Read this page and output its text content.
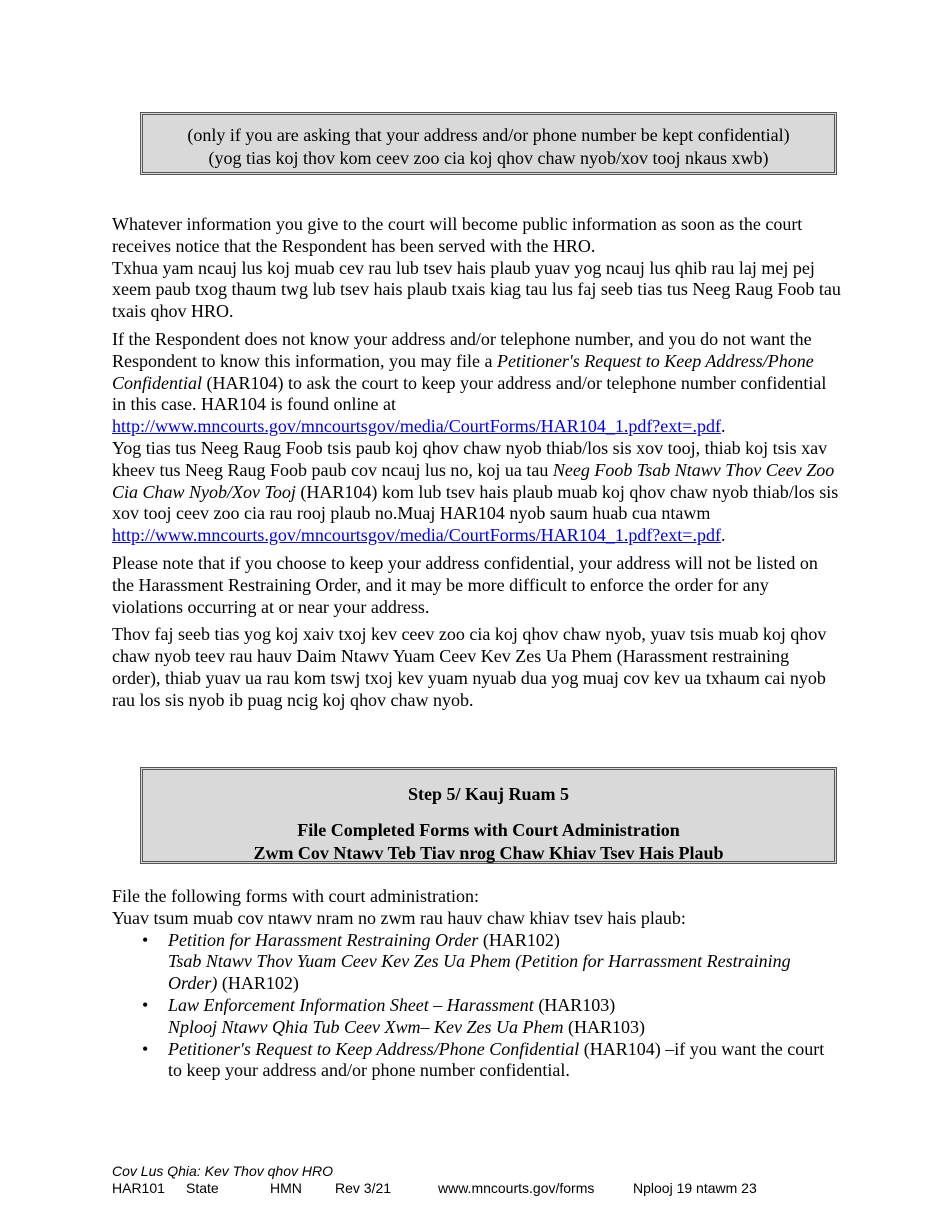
(only if you are asking that your address and/or phone number be kept confidential)
(yog tias koj thov kom ceev zoo cia koj qhov chaw nyob/xov tooj nkaus xwb)

Whatever information you give to the court will become public information as soon as the court receives notice that the Respondent has been served with the HRO.

Txhua yam ncauj lus koj muab cev rau lub tsev hais plaub yuav yog ncauj lus qhib rau laj mej pej xeem paub txog thaum twg lub tsev hais plaub txais kiag tau lus faj seeb tias tus Neeg Raug Foob tau txais qhov HRO.

If the Respondent does not know your address and/or telephone number, and you do not want the Respondent to know this information, you may file a Petitioner's Request to Keep Address/Phone Confidential (HAR104) to ask the court to keep your address and/or telephone number confidential in this case. HAR104 is found online at
http://www.mncourts.gov/mncourtsgov/media/CourtForms/HAR104_1.pdf?ext=.pdf.

Yog tias tus Neeg Raug Foob tsis paub koj qhov chaw nyob thiab/los sis xov tooj, thiab koj tsis xav kheev tus Neeg Raug Foob paub cov ncauj lus no, koj ua tau Neeg Foob Tsab Ntawv Thov Ceev Zoo Cia Chaw Nyob/Xov Tooj (HAR104) kom lub tsev hais plaub muab koj qhov chaw nyob thiab/los sis xov tooj ceev zoo cia rau rooj plaub no.Muaj HAR104 nyob saum huab cua ntawm http://www.mncourts.gov/mncourtsgov/media/CourtForms/HAR104_1.pdf?ext=.pdf.

Please note that if you choose to keep your address confidential, your address will not be listed on the Harassment Restraining Order, and it may be more difficult to enforce the order for any violations occurring at or near your address.

Thov faj seeb tias yog koj xaiv txoj kev ceev zoo cia koj qhov chaw nyob, yuav tsis muab koj qhov chaw nyob teev rau hauv Daim Ntawv Yuam Ceev Kev Zes Ua Phem (Harassment restraining order), thiab yuav ua rau kom tswj txoj kev yuam nyuab dua yog muaj cov kev ua txhaum cai nyob rau los sis nyob ib puag ncig koj qhov chaw nyob.

Step 5/ Kauj Ruam 5
File Completed Forms with Court Administration
Zwm Cov Ntawv Teb Tiav nrog Chaw Khiav Tsev Hais Plaub

File the following forms with court administration:

Yuav tsum muab cov ntawv nram no zwm rau hauv chaw khiav tsev hais plaub:

• Petition for Harassment Restraining Order (HAR102)
Tsab Ntawv Thov Yuam Ceev Kev Zes Ua Phem (Petition for Harrassment Restraining Order) (HAR102)
• Law Enforcement Information Sheet – Harassment (HAR103)
Nplooj Ntawv Qhia Tub Ceev Xwm– Kev Zes Ua Phem (HAR103)
• Petitioner's Request to Keep Address/Phone Confidential (HAR104) –if you want the court to keep your address and/or phone number confidential.
Cov Lus Qhia: Kev Thov qhov HRO
HAR101 State	HMN Rev 3/21	www.mncourts.gov/forms	Nplooj 19 ntawm 23
